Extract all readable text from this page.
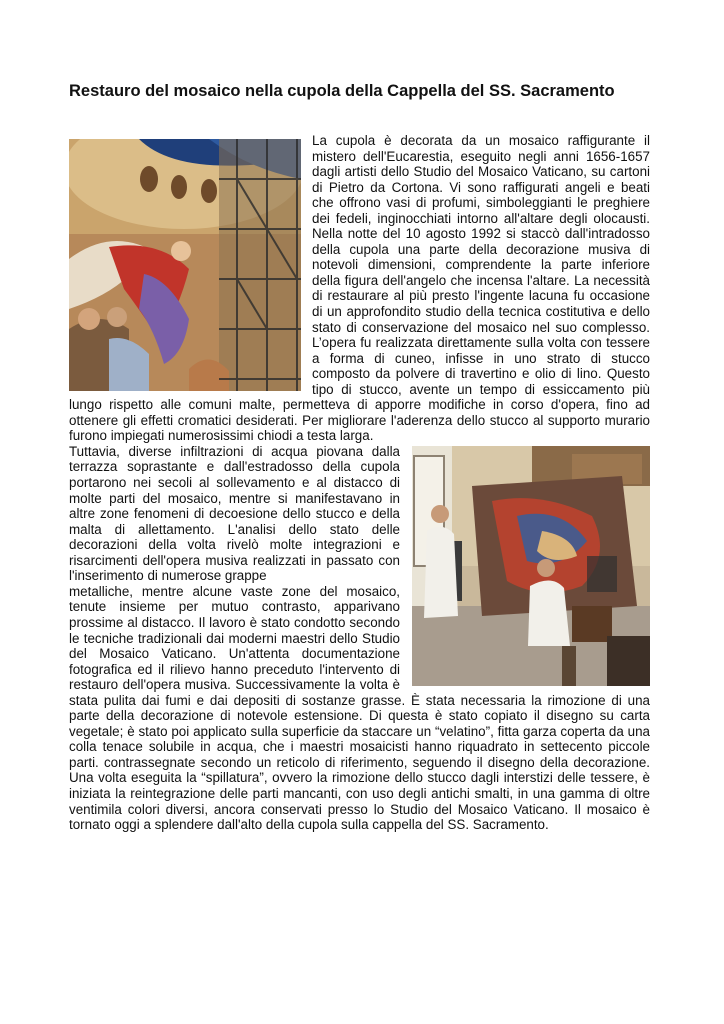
Restauro del mosaico nella cupola della Cappella del SS. Sacramento

La cupola è decorata da un mosaico raffigurante il mistero dell'Eucarestia, eseguito negli anni 1656-1657 dagli artisti dello Studio del Mosaico Vaticano, su cartoni di Pietro da Cortona. Vi sono raffigurati angeli e beati che offrono vasi di profumi, simboleggianti le preghiere dei fedeli, inginocchiati intorno all'altare degli olocausti. Nella notte del 10 agosto 1992 si staccò dall'intradosso della cupola una parte della decorazione musiva di notevoli dimensioni, comprendente la parte inferiore della figura dell'angelo che incensa l'altare. La necessità di restaurare al più presto l'ingente lacuna fu occasione di un approfondito studio della tecnica costitutiva e dello stato di conservazione del mosaico nel suo complesso. L’opera fu realizzata direttamente sulla volta con tessere a forma di cuneo, infisse in uno strato di stucco composto da polvere di travertino e olio di lino. Questo tipo di stucco, avente un tempo di essiccamento più lungo rispetto alle comuni malte, permetteva di apporre modifiche in corso d'opera, fino ad ottenere gli effetti cromatici desiderati. Per migliorare l'aderenza dello stucco al supporto murario furono impiegati numerosissimi chiodi a testa larga.

Tuttavia, diverse infiltrazioni di acqua piovana dalla terrazza soprastante e dall'estradosso della cupola portarono nei secoli al sollevamento e al distacco di molte parti del mosaico, mentre si manifestavano in altre zone fenomeni di decoesione dello stucco e della malta di allettamento. L'analisi dello stato delle decorazioni della volta rivelò molte integrazioni e risarcimenti dell'opera musiva realizzati in passato con l'inserimento di numerose grappe

metalliche, mentre alcune vaste zone del mosaico, tenute insieme per mutuo contrasto, apparivano prossime al distacco. Il lavoro è stato condotto secondo le tecniche tradizionali dai moderni maestri dello Studio del Mosaico Vaticano. Un'attenta documentazione fotografica ed il rilievo hanno preceduto l'intervento di restauro dell'opera musiva. Successivamente la volta è stata pulita dai fumi e dai depositi di sostanze grasse. È stata necessaria la rimozione di una parte della decorazione di notevole estensione. Di questa è stato copiato il disegno su carta vegetale; è stato poi applicato sulla superficie da staccare un “velatino”, fitta garza coperta da una colla tenace solubile in acqua, che i maestri mosaicisti hanno riquadrato in settecento piccole parti. contrassegnate secondo un reticolo di riferimento, seguendo il disegno della decorazione. Una volta eseguita la “spillatura”, ovvero la rimozione dello stucco dagli interstizi delle tessere, è iniziata la reintegrazione delle parti mancanti, con uso degli antichi smalti, in una gamma di oltre ventimila colori diversi, ancora conservati presso lo Studio del Mosaico Vaticano. Il mosaico è tornato oggi a splendere dall'alto della cupola sulla cappella del SS. Sacramento.
